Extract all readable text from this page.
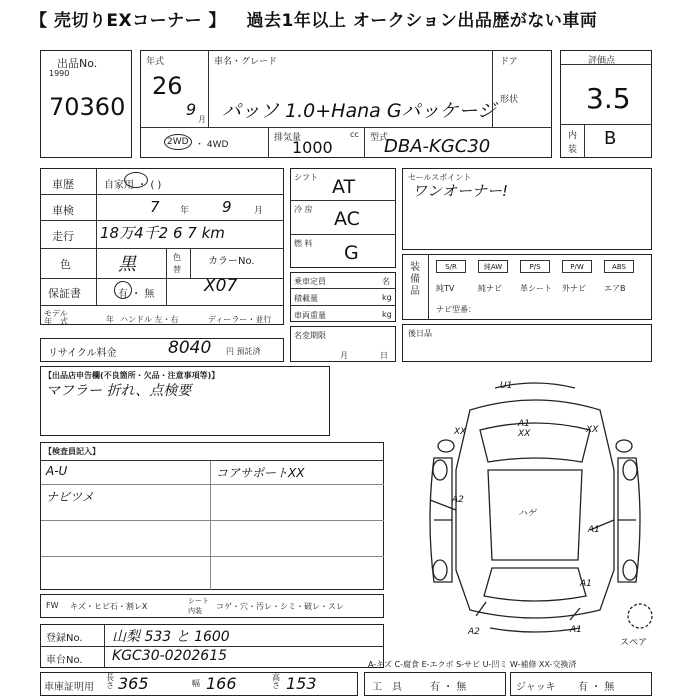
【 売切りEXコーナー 】 過去1年以上 オークション出品歴がない車両
出品No.
1990
70360
年式
26
9
月
車名・グレード
パッソ 1.0+Hana Gパッケージ
ドア
形状
2WD ・ 4WD
排気量	cc
1000	型式
DBA-KGC30
評価点
3.5
内
装
B
車歴	自家用 ・ ( )
車検	7 年 9 月
走行 18万4千2 6 7 km
色	黒	色
替
カラーNo.
X07
保証書	有 ・ 無
モデル
年　式	年 ハンドル 左・右	ディーラー・並行
リサイクル料金	8040 円 預託済
シフト AT
冷 房 AC
燃 料 G
乗車定員	名
積載量	kg
車両重量	kg
名変期限
月	日
セールスポイント
ワンオーナー!
装備品
S/R	純AW	P/S	P/W	ABS
純TV	純ナビ 革シート 外ナビ エアB
ナビ型番：
後日品
【出品店申告欄(不良箇所・欠品・注意事項等)】
マフラー 折れ、点検要
【検査員記入】
A-U	コアサポートXX
ナビツメ
U1
A1
XX
XX	XX
A2
ハゲ
A1
A1
A2	A1
スペア
FW キズ・ヒビ石・割レX
シート
内装 コゲ・穴・汚レ・シミ・破レ・スレ
登録No. 山梨 533 と 1600
車台No. KGC30-0202615
A-キズ C-腐食 E-エクボ S-サビ U-凹ミ W-補修 XX-交換済
車庫証明用
長さ 365	幅 166	高さ 153	工　具	有 ・ 無	ジャッキ 有 ・ 無
